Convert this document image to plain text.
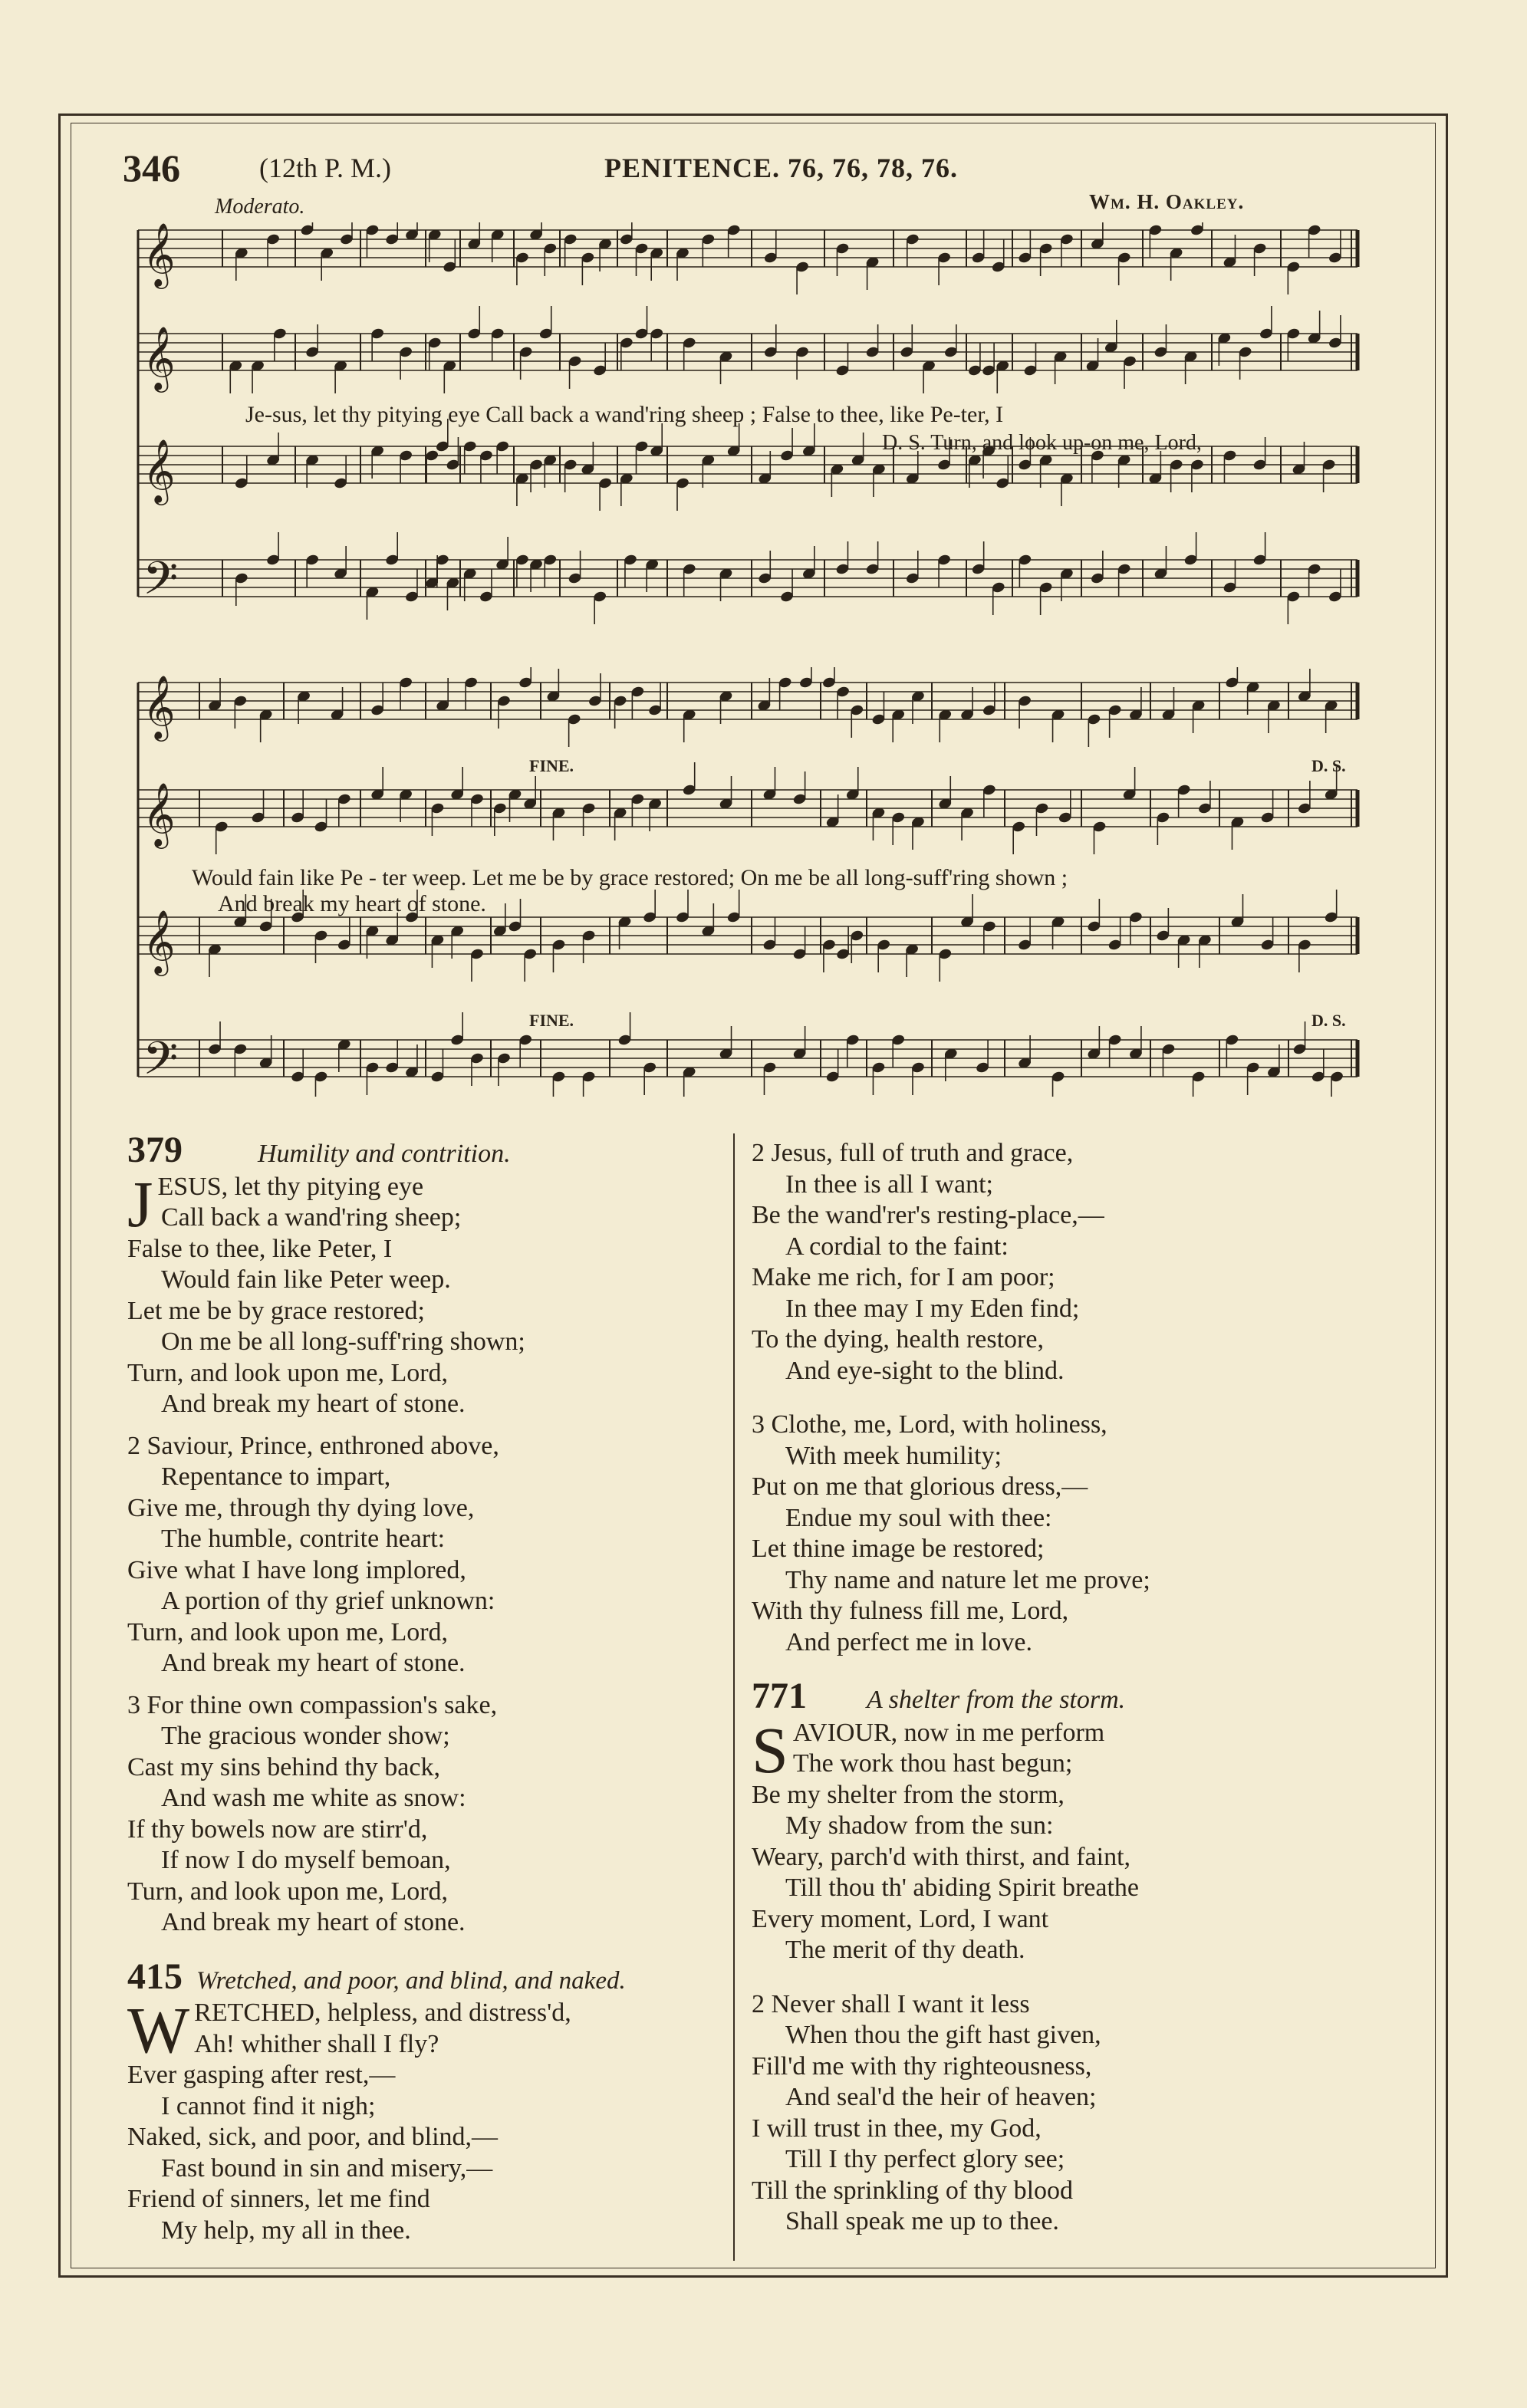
346	(12th P. M.)	PENITENCE. 76, 76, 78, 76.
Moderato.	Wm. H. Oakley.
𝄞
𝄞
𝄞
𝄢
Je-sus, let thy pitying eye Call back a wand'ring sheep ; False to thee, like Pe-ter, I
D. S. Turn, and look up-on me, Lord,
𝄞
𝄞
𝄞
𝄢
Would fain like Pe - ter weep. Let me be by grace restored; On me be all long-suff'ring shown ;
And break my heart of stone.
FINE.	D. S.
FINE.	D. S.
379	Humility and contrition.
J ESUS, let thy pitying eye

Call back a wand'ring sheep;

False to thee, like Peter, I

Would fain like Peter weep.

Let me be by grace restored;

On me be all long-suff'ring shown;

Turn, and look upon me, Lord,

And break my heart of stone.

2 Saviour, Prince, enthroned above,

Repentance to impart,

Give me, through thy dying love,

The humble, contrite heart:

Give what I have long implored,

A portion of thy grief unknown:

Turn, and look upon me, Lord,

And break my heart of stone.

3 For thine own compassion's sake,

The gracious wonder show;

Cast my sins behind thy back,

And wash me white as snow:

If thy bowels now are stirr'd,

If now I do myself bemoan,

Turn, and look upon me, Lord,

And break my heart of stone.

415 Wretched, and poor, and blind, and naked.
W RETCHED, helpless, and distress'd,

Ah! whither shall I fly?

Ever gasping after rest,—

I cannot find it nigh;

Naked, sick, and poor, and blind,—

Fast bound in sin and misery,—

Friend of sinners, let me find

My help, my all in thee.

2 Jesus, full of truth and grace,

In thee is all I want;

Be the wand'rer's resting-place,—

A cordial to the faint:

Make me rich, for I am poor;

In thee may I my Eden find;

To the dying, health restore,

And eye-sight to the blind.

3 Clothe, me, Lord, with holiness,

With meek humility;

Put on me that glorious dress,—

Endue my soul with thee:

Let thine image be restored;

Thy name and nature let me prove;

With thy fulness fill me, Lord,

And perfect me in love.

771	A shelter from the storm.
S AVIOUR, now in me perform

The work thou hast begun;

Be my shelter from the storm,

My shadow from the sun:

Weary, parch'd with thirst, and faint,

Till thou th' abiding Spirit breathe

Every moment, Lord, I want

The merit of thy death.

2 Never shall I want it less

When thou the gift hast given,

Fill'd me with thy righteousness,

And seal'd the heir of heaven;

I will trust in thee, my God,

Till I thy perfect glory see;

Till the sprinkling of thy blood

Shall speak me up to thee.
